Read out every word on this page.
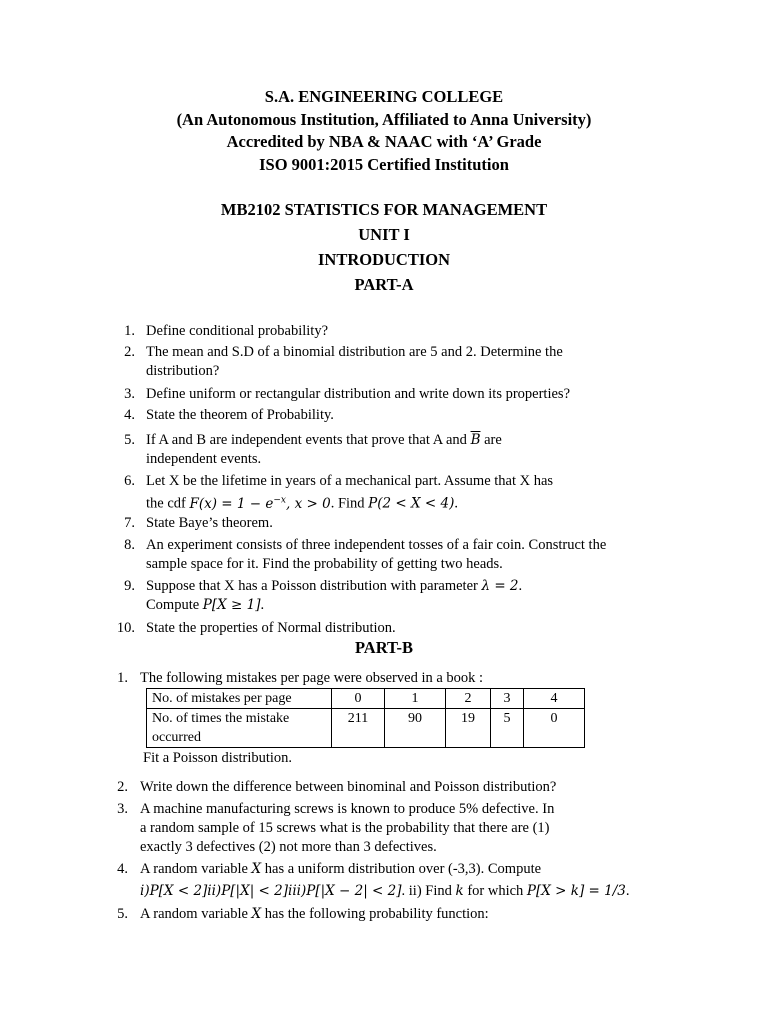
S.A. ENGINEERING COLLEGE
(An Autonomous Institution, Affiliated to Anna University)
Accredited by NBA & NAAC with ‘A’ Grade
ISO 9001:2015 Certified Institution
MB2102 STATISTICS FOR MANAGEMENT
UNIT I
INTRODUCTION
PART-A
1. Define conditional probability?
2. The mean and S.D of a binomial distribution are 5 and 2. Determine the
distribution?
3. Define uniform or rectangular distribution and write down its properties?
4. State the theorem of Probability.
5. If A and B are independent events that prove that A and $\overline{B}$ are
independent events.
6. Let X be the lifetime in years of a mechanical part. Assume that X has
the cdf $F(x) = 1 - e^{-x}$, x > 0. Find P(2 < X < 4).
7. State Baye’s theorem.
8. An experiment consists of three independent tosses of a fair coin. Construct the
sample space for it. Find the probability of getting two heads.
9. Suppose that X has a Poisson distribution with parameter λ = 2.
Compute P[X ≥ 1].
10. State the properties of Normal distribution.
PART-B
1. The following mistakes per page were observed in a book :
No. of mistakes per page	0	1	2	3	4

No. of times the mistake
occurred	211	90	19	5	0
Fit a Poisson distribution.
2. Write down the difference between binominal and Poisson distribution?
3. A machine manufacturing screws is known to produce 5% defective. In
a random sample of 15 screws what is the probability that there are (1)
exactly 3 defectives (2) not more than 3 defectives.
4. A random variable X has a uniform distribution over (-3,3). Compute
i)P[X < 2]ii)P[|X| < 2]iii)P[|X − 2| < 2]. ii) Find k for which P[X > k] = 1/3.
5. A random variable X has the following probability function:
